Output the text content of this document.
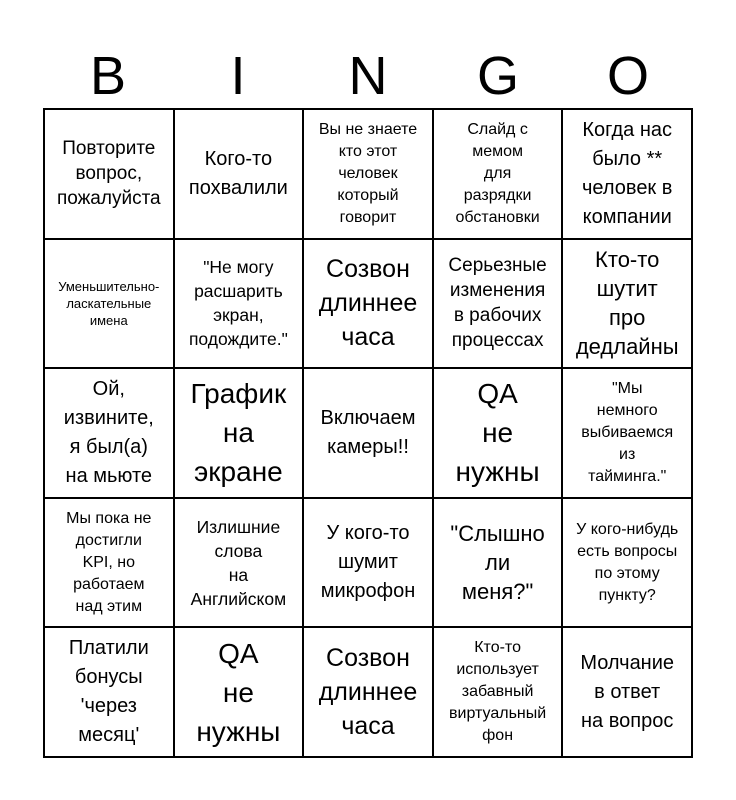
B	I	N	G	O
Повторите
вопрос,
пожалуйста
Кого-то
похвалили
Вы не знаете
кто этот
человек
который
говорит
Слайд с
мемом
для
разрядки
обстановки
Когда нас
было **
человек в
компании
Уменьшительно-
ласкательные
имена
"Не могу
расшарить
экран,
подождите."
Созвон
длиннее
часа
Серьезные
изменения
в рабочих
процессах
Кто-то
шутит
про
дедлайны
Ой,
извините,
я был(а)
на мьюте
График
на
экране
Включаем
камеры!!
QA
не
нужны
"Мы
немного
выбиваемся
из
тайминга."
Мы пока не
достигли
KPI, но
работаем
над этим
Излишние
слова
на
Английском
У кого-то
шумит
микрофон
"Слышно
ли
меня?"
У кого-нибудь
есть вопросы
по этому
пункту?
Платили
бонусы
'через
месяц'
QA
не
нужны
Созвон
длиннее
часа
Кто-то
использует
забавный
виртуальный
фон
Молчание
в ответ
на вопрос
